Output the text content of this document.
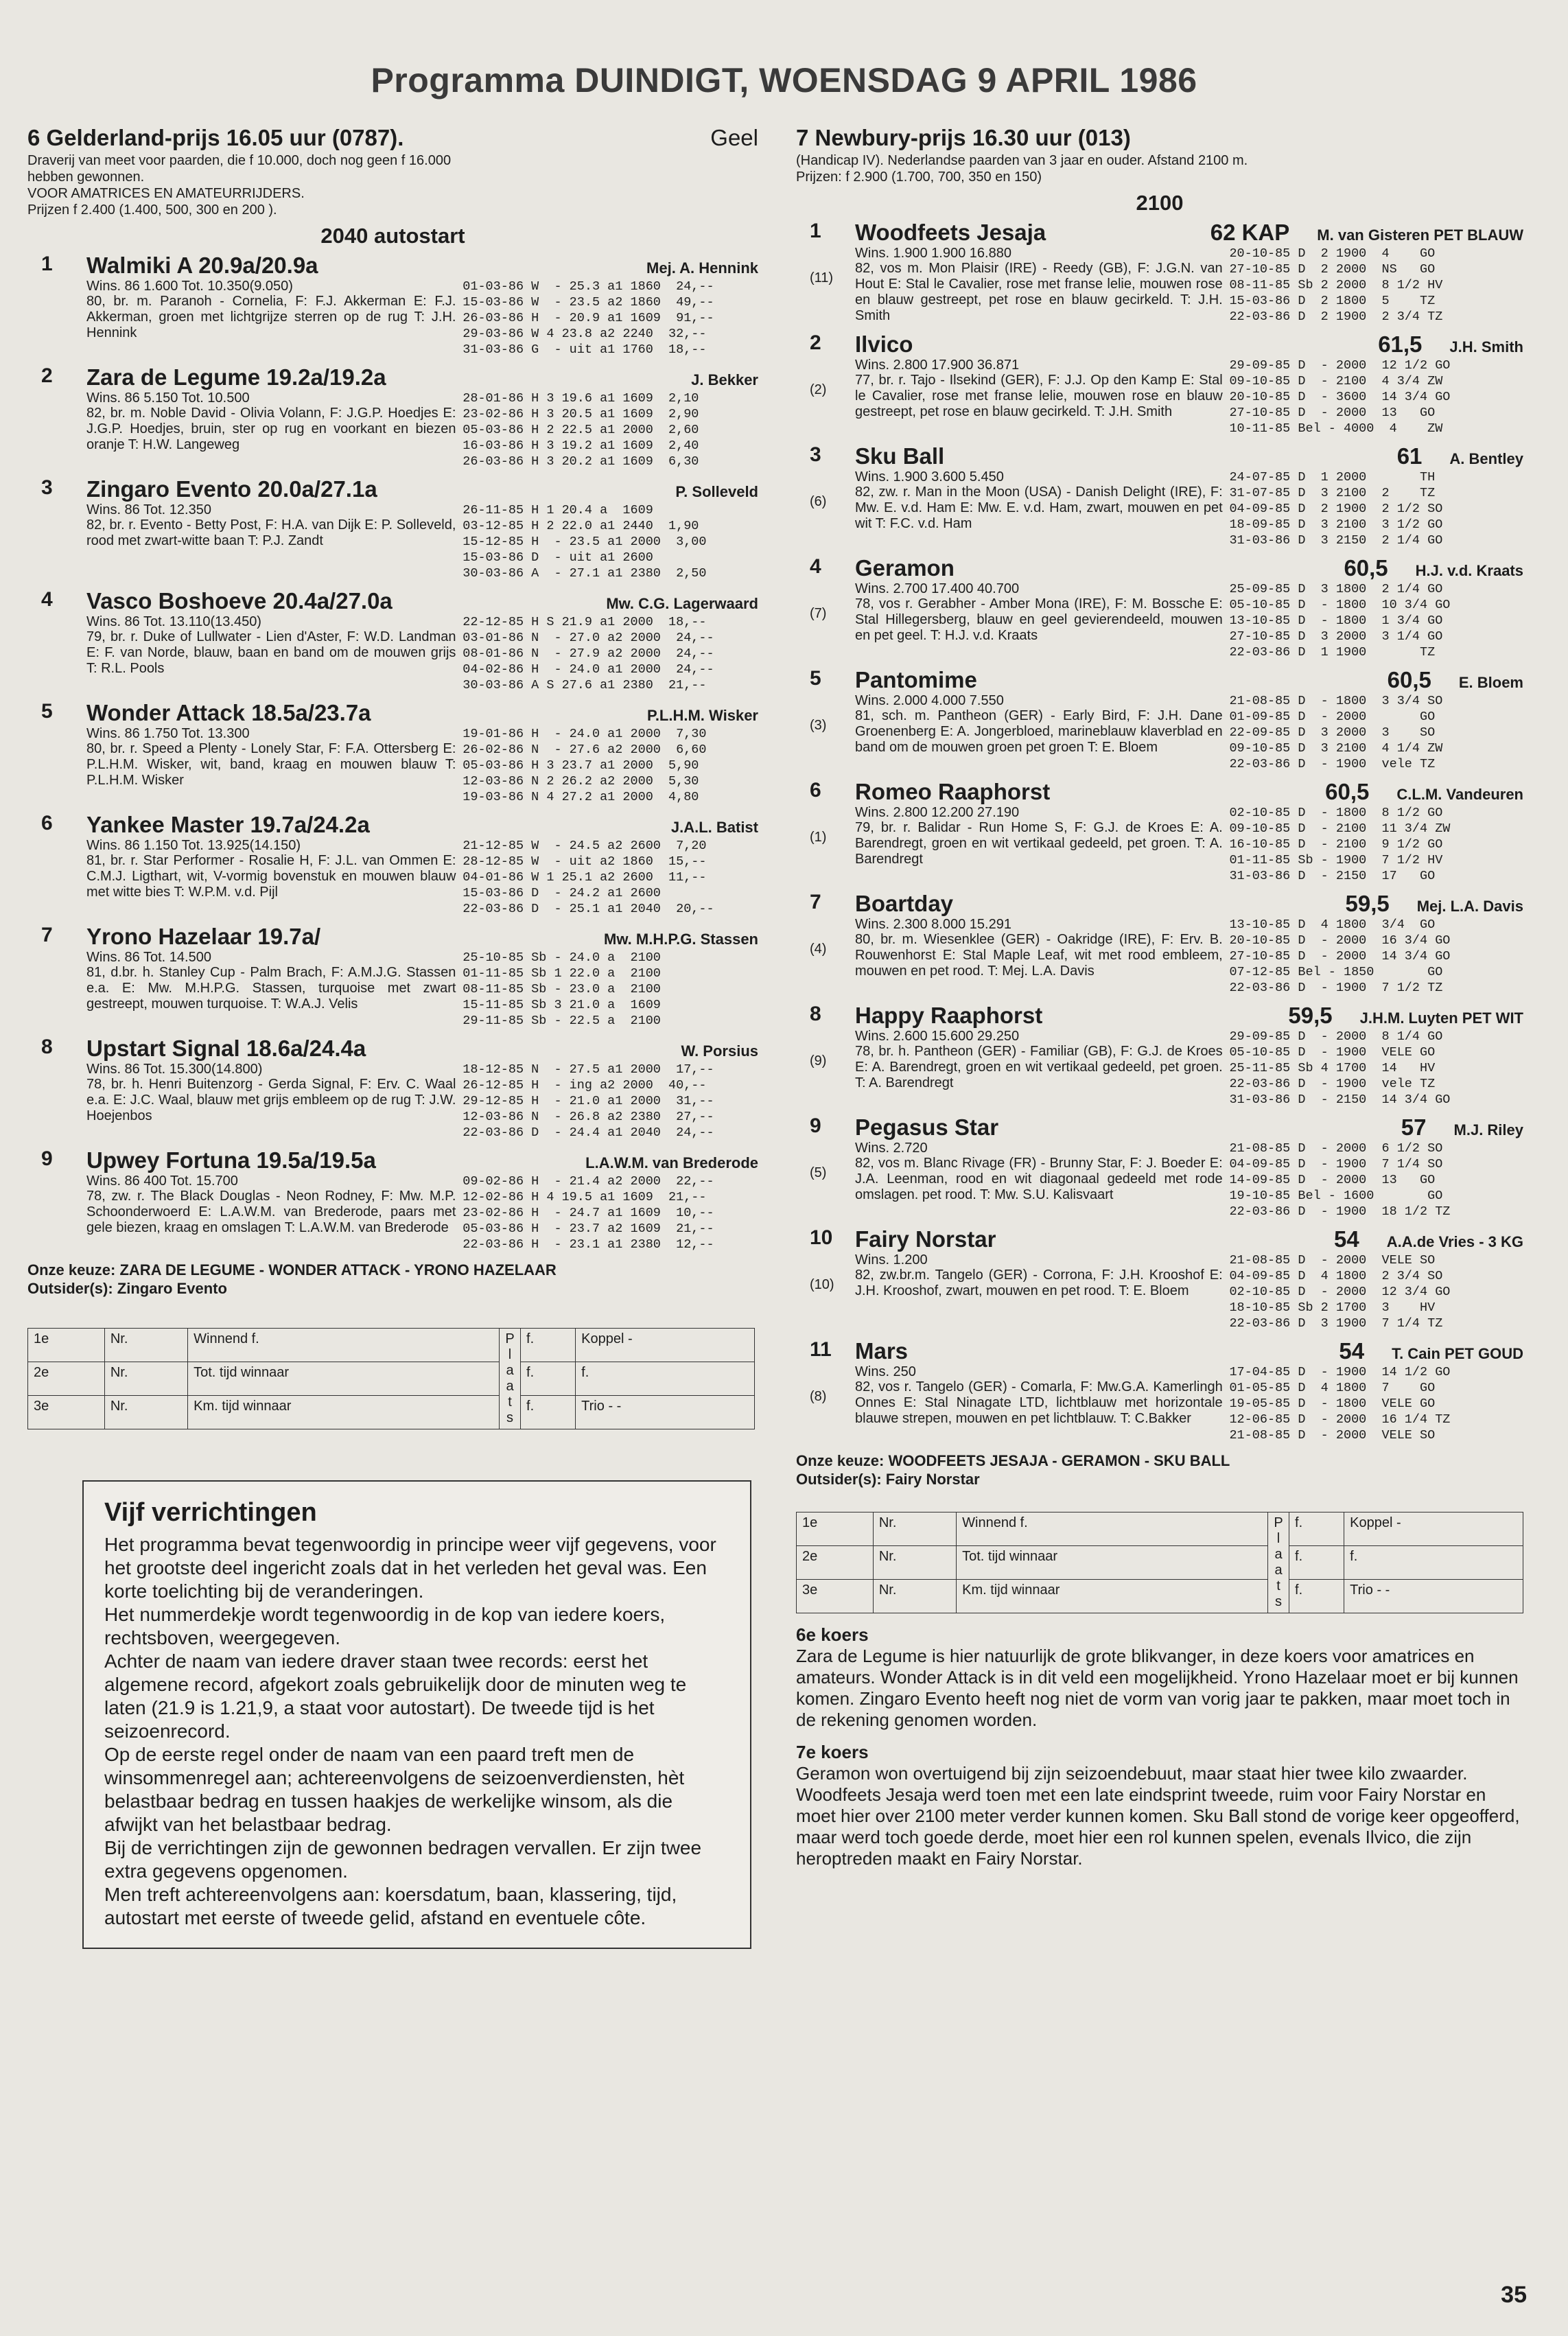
Programma DUINDIGT, WOENSDAG 9 APRIL 1986
6 Gelderland-prijs 16.05 uur (0787).	Geel
Draverij van meet voor paarden, die f 10.000, doch nog geen f 16.000
hebben gewonnen.
VOOR AMATRICES EN AMATEURRIJDERS.
Prijzen f 2.400 (1.400, 500, 300 en 200 ).
2040 autostart
1	Walmiki A 20.9a/20.9a	Mej. A. Hennink
Wins. 86 1.600 Tot. 10.350(9.050)
80, br. m. Paranoh - Cornelia, F: F.J. Akkerman E: F.J. Akkerman, groen met lichtgrijze sterren op de rug T: J.H. Hennink
01-03-86 W  - 25.3 a1 1860  24,--
15-03-86 W  - 23.5 a2 1860  49,--
26-03-86 H  - 20.9 a1 1609  91,--
29-03-86 W 4 23.8 a2 2240  32,--
31-03-86 G  - uit a1 1760  18,--
2	Zara de Legume 19.2a/19.2a	J. Bekker
Wins. 86 5.150 Tot. 10.500
82, br. m. Noble David - Olivia Volann, F: J.G.P. Hoedjes E: J.G.P. Hoedjes, bruin, ster op rug en voorkant en biezen oranje T: H.W. Langeweg
28-01-86 H 3 19.6 a1 1609  2,10
23-02-86 H 3 20.5 a1 1609  2,90
05-03-86 H 2 22.5 a1 2000  2,60
16-03-86 H 3 19.2 a1 1609  2,40
26-03-86 H 3 20.2 a1 1609  6,30
3	Zingaro Evento 20.0a/27.1a	P. Solleveld
Wins. 86 Tot. 12.350
82, br. r. Evento - Betty Post, F: H.A. van Dijk E: P. Solleveld, rood met zwart-witte baan T: P.J. Zandt
26-11-85 H 1 20.4 a  1609
03-12-85 H 2 22.0 a1 2440  1,90
15-12-85 H  - 23.5 a1 2000  3,00
15-03-86 D  - uit a1 2600
30-03-86 A  - 27.1 a1 2380  2,50
4	Vasco Boshoeve 20.4a/27.0a	Mw. C.G. Lagerwaard
Wins. 86 Tot. 13.110(13.450)
79, br. r. Duke of Lullwater - Lien d'Aster, F: W.D. Landman E: F. van Norde, blauw, baan en band om de mouwen grijs T: R.L. Pools
22-12-85 H S 21.9 a1 2000  18,--
03-01-86 N  - 27.0 a2 2000  24,--
08-01-86 N  - 27.9 a2 2000  24,--
04-02-86 H  - 24.0 a1 2000  24,--
30-03-86 A S 27.6 a1 2380  21,--
5	Wonder Attack 18.5a/23.7a	P.L.H.M. Wisker
Wins. 86 1.750 Tot. 13.300
80, br. r. Speed a Plenty - Lonely Star, F: F.A. Ottersberg E: P.L.H.M. Wisker, wit, band, kraag en mouwen blauw T: P.L.H.M. Wisker
19-01-86 H  - 24.0 a1 2000  7,30
26-02-86 N  - 27.6 a2 2000  6,60
05-03-86 H 3 23.7 a1 2000  5,90
12-03-86 N 2 26.2 a2 2000  5,30
19-03-86 N 4 27.2 a1 2000  4,80
6	Yankee Master 19.7a/24.2a	J.A.L. Batist
Wins. 86 1.150 Tot. 13.925(14.150)
81, br. r. Star Performer - Rosalie H, F: J.L. van Ommen E: C.M.J. Ligthart, wit, V-vormig bovenstuk en mouwen blauw met witte bies T: W.P.M. v.d. Pijl
21-12-85 W  - 24.5 a2 2600  7,20
28-12-85 W  - uit a2 1860  15,--
04-01-86 W 1 25.1 a2 2600  11,--
15-03-86 D  - 24.2 a1 2600
22-03-86 D  - 25.1 a1 2040  20,--
7	Yrono Hazelaar 19.7a/	Mw. M.H.P.G. Stassen
Wins. 86 Tot. 14.500
81, d.br. h. Stanley Cup - Palm Brach, F: A.M.J.G. Stassen e.a. E: Mw. M.H.P.G. Stassen, turquoise met zwart gestreept, mouwen turquoise. T: W.A.J. Velis
25-10-85 Sb - 24.0 a  2100
01-11-85 Sb 1 22.0 a  2100
08-11-85 Sb - 23.0 a  2100
15-11-85 Sb 3 21.0 a  1609
29-11-85 Sb - 22.5 a  2100
8	Upstart Signal 18.6a/24.4a	W. Porsius
Wins. 86 Tot. 15.300(14.800)
78, br. h. Henri Buitenzorg - Gerda Signal, F: Erv. C. Waal e.a. E: J.C. Waal, blauw met grijs embleem op de rug T: J.W. Hoejenbos
18-12-85 N  - 27.5 a1 2000  17,--
26-12-85 H  - ing a2 2000  40,--
29-12-85 H  - 21.0 a1 2000  31,--
12-03-86 N  - 26.8 a2 2380  27,--
22-03-86 D  - 24.4 a1 2040  24,--
9	Upwey Fortuna 19.5a/19.5a	L.A.W.M. van Brederode
Wins. 86 400 Tot. 15.700
78, zw. r. The Black Douglas - Neon Rodney, F: Mw. M.P. Schoonderwoerd E: L.A.W.M. van Brederode, paars met gele biezen, kraag en omslagen T: L.A.W.M. van Brederode
09-02-86 H  - 21.4 a2 2000  22,--
12-02-86 H 4 19.5 a1 1609  21,--
23-02-86 H  - 24.7 a1 1609  10,--
05-03-86 H  - 23.7 a2 1609  21,--
22-03-86 H  - 23.1 a1 2380  12,--
Onze keuze: ZARA DE LEGUME - WONDER ATTACK - YRONO HAZELAAR
Outsider(s): Zingaro Evento
1e	Nr.	Winnend f.	P l a a t s	f.	Koppel -
2e	Nr.	Tot. tijd winnaar		f.	f.
3e	Nr.	Km. tijd winnaar		f.	Trio - -
Vijf verrichtingen

Het programma bevat tegenwoordig in principe weer vijf gegevens, voor het grootste deel ingericht zoals dat in het verleden het geval was. Een korte toelichting bij de veranderingen.

Het nummerdekje wordt tegenwoordig in de kop van iedere koers, rechtsboven, weergegeven.

Achter de naam van iedere draver staan twee records: eerst het algemene record, afgekort zoals gebruikelijk door de minuten weg te laten (21.9 is 1.21,9, a staat voor autostart). De tweede tijd is het seizoenrecord.

Op de eerste regel onder de naam van een paard treft men de winsommenregel aan; achtereenvolgens de seizoenverdiensten, hèt belastbaar bedrag en tussen haakjes de werkelijke winsom, als die afwijkt van het belastbaar bedrag.

Bij de verrichtingen zijn de gewonnen bedragen vervallen. Er zijn twee extra gegevens opgenomen.

Men treft achtereenvolgens aan: koersdatum, baan, klassering, tijd, autostart met eerste of tweede gelid, afstand en eventuele côte.

7 Newbury-prijs 16.30 uur (013)
(Handicap IV). Nederlandse paarden van 3 jaar en ouder. Afstand 2100 m.
Prijzen: f 2.900 (1.700, 700, 350 en 150)
2100
1
(11)
Woodfeets Jesaja	62 KAP	M. van Gisteren PET BLAUW
Wins. 1.900 1.900 16.880
82, vos m. Mon Plaisir (IRE) - Reedy (GB), F: J.G.N. van Hout E: Stal le Cavalier, rose met franse lelie, mouwen rose en blauw gestreept, pet rose en blauw gecirkeld. T: J.H. Smith
20-10-85 D  2 1900  4    GO
27-10-85 D  2 2000  NS   GO
08-11-85 Sb 2 2000  8 1/2 HV
15-03-86 D  2 1800  5    TZ
22-03-86 D  2 1900  2 3/4 TZ
2
(2)
Ilvico	61,5	J.H. Smith
Wins. 2.800 17.900 36.871
77, br. r. Tajo - Ilsekind (GER), F: J.J. Op den Kamp E: Stal le Cavalier, rose met franse lelie, mouwen rose en blauw gestreept, pet rose en blauw gecirkeld. T: J.H. Smith
29-09-85 D  - 2000  12 1/2 GO
09-10-85 D  - 2100  4 3/4 ZW
20-10-85 D  - 3600  14 3/4 GO
27-10-85 D  - 2000  13   GO
10-11-85 Bel - 4000  4    ZW
3
(6)
Sku Ball	61	A. Bentley
Wins. 1.900 3.600 5.450
82, zw. r. Man in the Moon (USA) - Danish Delight (IRE), F: Mw. E. v.d. Ham E: Mw. E. v.d. Ham, zwart, mouwen en pet wit T: F.C. v.d. Ham
24-07-85 D  1 2000       TH
31-07-85 D  3 2100  2    TZ
04-09-85 D  2 1900  2 1/2 SO
18-09-85 D  3 2100  3 1/2 GO
31-03-86 D  3 2150  2 1/4 GO
4
(7)
Geramon	60,5	H.J. v.d. Kraats
Wins. 2.700 17.400 40.700
78, vos r. Gerabher - Amber Mona (IRE), F: M. Bossche E: Stal Hillegersberg, blauw en geel gevierendeeld, mouwen en pet geel. T: H.J. v.d. Kraats
25-09-85 D  3 1800  2 1/4 GO
05-10-85 D  - 1800  10 3/4 GO
13-10-85 D  - 1800  1 3/4 GO
27-10-85 D  3 2000  3 1/4 GO
22-03-86 D  1 1900       TZ
5
(3)
Pantomime	60,5	E. Bloem
Wins. 2.000 4.000 7.550
81, sch. m. Pantheon (GER) - Early Bird, F: J.H. Dane Groenenberg E: A. Jongerbloed, marineblauw klaverblad en band om de mouwen groen pet groen T: E. Bloem
21-08-85 D  - 1800  3 3/4 SO
01-09-85 D  - 2000       GO
22-09-85 D  3 2000  3    SO
09-10-85 D  3 2100  4 1/4 ZW
22-03-86 D  - 1900  vele TZ
6
(1)
Romeo Raaphorst	60,5	C.L.M. Vandeuren
Wins. 2.800 12.200 27.190
79, br. r. Balidar - Run Home S, F: G.J. de Kroes E: A. Barendregt, groen en wit vertikaal gedeeld, pet groen. T: A. Barendregt
02-10-85 D  - 1800  8 1/2 GO
09-10-85 D  - 2100  11 3/4 ZW
16-10-85 D  - 2100  9 1/2 GO
01-11-85 Sb - 1900  7 1/2 HV
31-03-86 D  - 2150  17   GO
7
(4)
Boartday	59,5	Mej. L.A. Davis
Wins. 2.300 8.000 15.291
80, br. m. Wiesenklee (GER) - Oakridge (IRE), F: Erv. B. Rouwenhorst E: Stal Maple Leaf, wit met rood embleem, mouwen en pet rood. T: Mej. L.A. Davis
13-10-85 D  4 1800  3/4  GO
20-10-85 D  - 2000  16 3/4 GO
27-10-85 D  - 2000  14 3/4 GO
07-12-85 Bel - 1850       GO
22-03-86 D  - 1900  7 1/2 TZ
8
(9)
Happy Raaphorst	59,5	J.H.M. Luyten PET WIT
Wins. 2.600 15.600 29.250
78, br. h. Pantheon (GER) - Familiar (GB), F: G.J. de Kroes E: A. Barendregt, groen en wit vertikaal gedeeld, pet groen. T: A. Barendregt
29-09-85 D  - 2000  8 1/4 GO
05-10-85 D  - 1900  VELE GO
25-11-85 Sb 4 1700  14   HV
22-03-86 D  - 1900  vele TZ
31-03-86 D  - 2150  14 3/4 GO
9
(5)
Pegasus Star	57	M.J. Riley
Wins. 2.720
82, vos m. Blanc Rivage (FR) - Brunny Star, F: J. Boeder E: J.A. Leenman, rood en wit diagonaal gedeeld met rode omslagen. pet rood. T: Mw. S.U. Kalisvaart
21-08-85 D  - 2000  6 1/2 SO
04-09-85 D  - 1900  7 1/4 SO
14-09-85 D  - 2000  13   GO
19-10-85 Bel - 1600       GO
22-03-86 D  - 1900  18 1/2 TZ
10
(10)
Fairy Norstar	54	A.A.de Vries - 3 KG
Wins. 1.200
82, zw.br.m. Tangelo (GER) - Corrona, F: J.H. Krooshof E: J.H. Krooshof, zwart, mouwen en pet rood. T: E. Bloem
21-08-85 D  - 2000  VELE SO
04-09-85 D  4 1800  2 3/4 SO
02-10-85 D  - 2000  12 3/4 GO
18-10-85 Sb 2 1700  3    HV
22-03-86 D  3 1900  7 1/4 TZ
11
(8)
Mars	54	T. Cain PET GOUD
Wins. 250
82, vos r. Tangelo (GER) - Comarla, F: Mw.G.A. Kamerlingh Onnes E: Stal Ninagate LTD, lichtblauw met horizontale blauwe strepen, mouwen en pet lichtblauw. T: C.Bakker
17-04-85 D  - 1900  14 1/2 GO
01-05-85 D  4 1800  7    GO
19-05-85 D  - 1800  VELE GO
12-06-85 D  - 2000  16 1/4 TZ
21-08-85 D  - 2000  VELE SO
Onze keuze: WOODFEETS JESAJA - GERAMON - SKU BALL
Outsider(s): Fairy Norstar
1e	Nr.	Winnend f.	P l a a t s	f.	Koppel -
2e	Nr.	Tot. tijd winnaar		f.	f.
3e	Nr.	Km. tijd winnaar		f.	Trio - -
6e koers

Zara de Legume is hier natuurlijk de grote blikvanger, in deze koers voor amatrices en amateurs. Wonder Attack is in dit veld een mogelijkheid. Yrono Hazelaar moet er bij kunnen komen. Zingaro Evento heeft nog niet de vorm van vorig jaar te pakken, maar moet toch in de rekening genomen worden.

7e koers

Geramon won overtuigend bij zijn seizoendebuut, maar staat hier twee kilo zwaarder. Woodfeets Jesaja werd toen met een late eindsprint tweede, ruim voor Fairy Norstar en moet hier over 2100 meter verder kunnen komen. Sku Ball stond de vorige keer opgeofferd, maar werd toch goede derde, moet hier een rol kunnen spelen, evenals Ilvico, die zijn heroptreden maakt en Fairy Norstar.

35
